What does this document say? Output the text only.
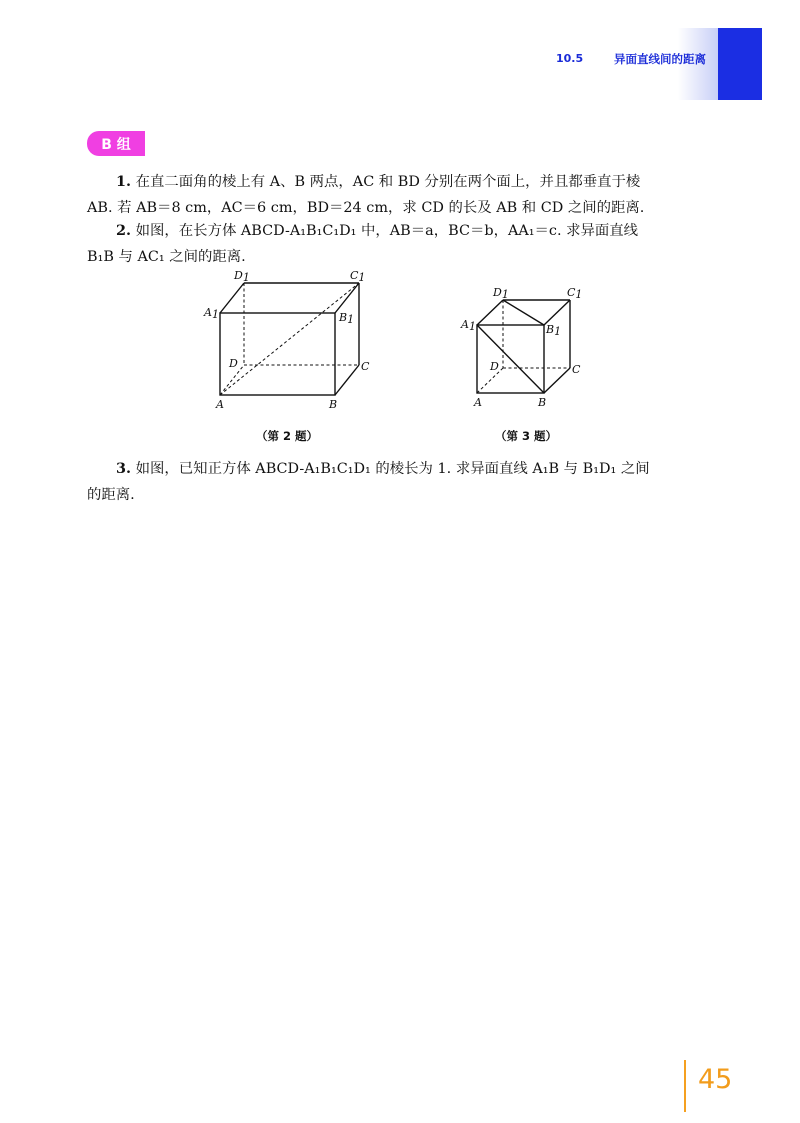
10.5	异面直线间的距离
B 组
1. 在直二面角的棱上有 A、B 两点，AC 和 BD 分别在两个面上，并且都垂直于棱
AB. 若 AB＝8 cm，AC＝6 cm，BD＝24 cm，求 CD 的长及 AB 和 CD 之间的距离.
2. 如图，在长方体 ABCD-A₁B₁C₁D₁ 中，AB＝a，BC＝b，AA₁＝c. 求异面直线
B₁B 与 AC₁ 之间的距离.
D1	C1
A1	B1
D	C
A	B
（第 2 题）
D1	C1
A1	B1
D	C
A	B
（第 3 题）
3. 如图，已知正方体 ABCD-A₁B₁C₁D₁ 的棱长为 1. 求异面直线 A₁B 与 B₁D₁ 之间
的距离.
45
